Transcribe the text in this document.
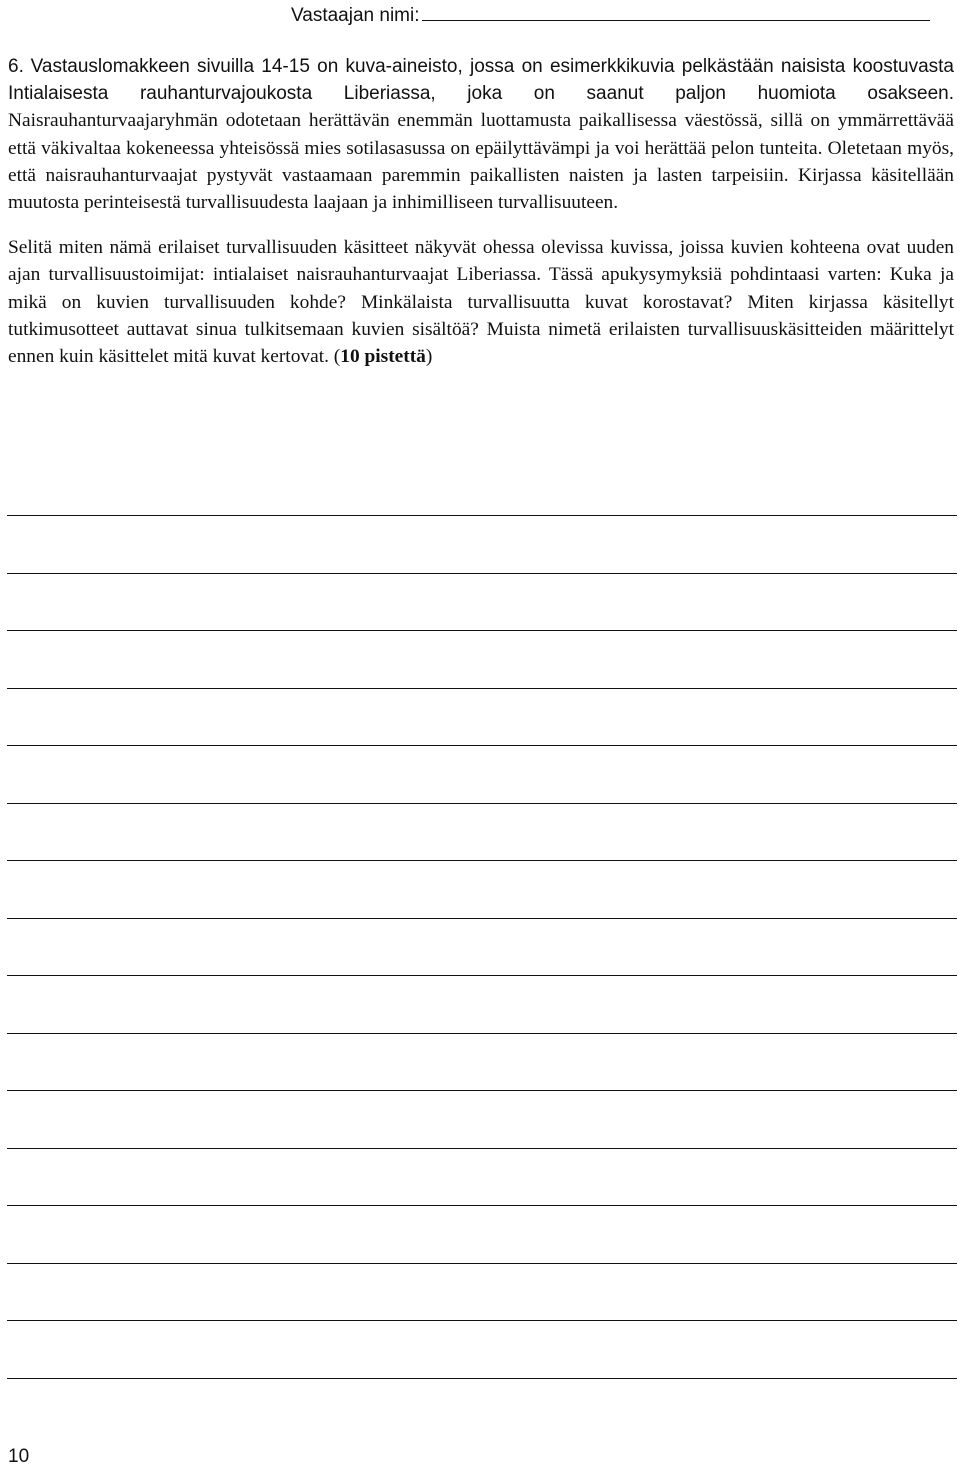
Vastaajan nimi:

6. Vastauslomakkeen sivuilla 14-15 on kuva-aineisto, jossa on esimerkkikuvia pelkästään naisista koostuvasta Intialaisesta rauhanturvajoukosta Liberiassa, joka on saanut paljon huomiota osakseen. Naisrauhanturvaajaryhmän odotetaan herättävän enemmän luottamusta paikallisessa väestössä, sillä on ymmärrettävää että väkivaltaa kokeneessa yhteisössä mies sotilasasussa on epäilyttävämpi ja voi herättää pelon tunteita. Oletetaan myös, että naisrauhanturvaajat pystyvät vastaamaan paremmin paikallisten naisten ja lasten tarpeisiin. Kirjassa käsitellään muutosta perinteisestä turvallisuudesta laajaan ja inhimilliseen turvallisuuteen.

Selitä miten nämä erilaiset turvallisuuden käsitteet näkyvät ohessa olevissa kuvissa, joissa kuvien kohteena ovat uuden ajan turvallisuustoimijat: intialaiset naisrauhanturvaajat Liberiassa. Tässä apukysymyksiä pohdintaasi varten: Kuka ja mikä on kuvien turvallisuuden kohde? Minkälaista turvallisuutta kuvat korostavat? Miten kirjassa käsitellyt tutkimusotteet auttavat sinua tulkitsemaan kuvien sisältöä? Muista nimetä erilaisten turvallisuuskäsitteiden määrittelyt ennen kuin käsittelet mitä kuvat kertovat. (10 pistettä)

10
